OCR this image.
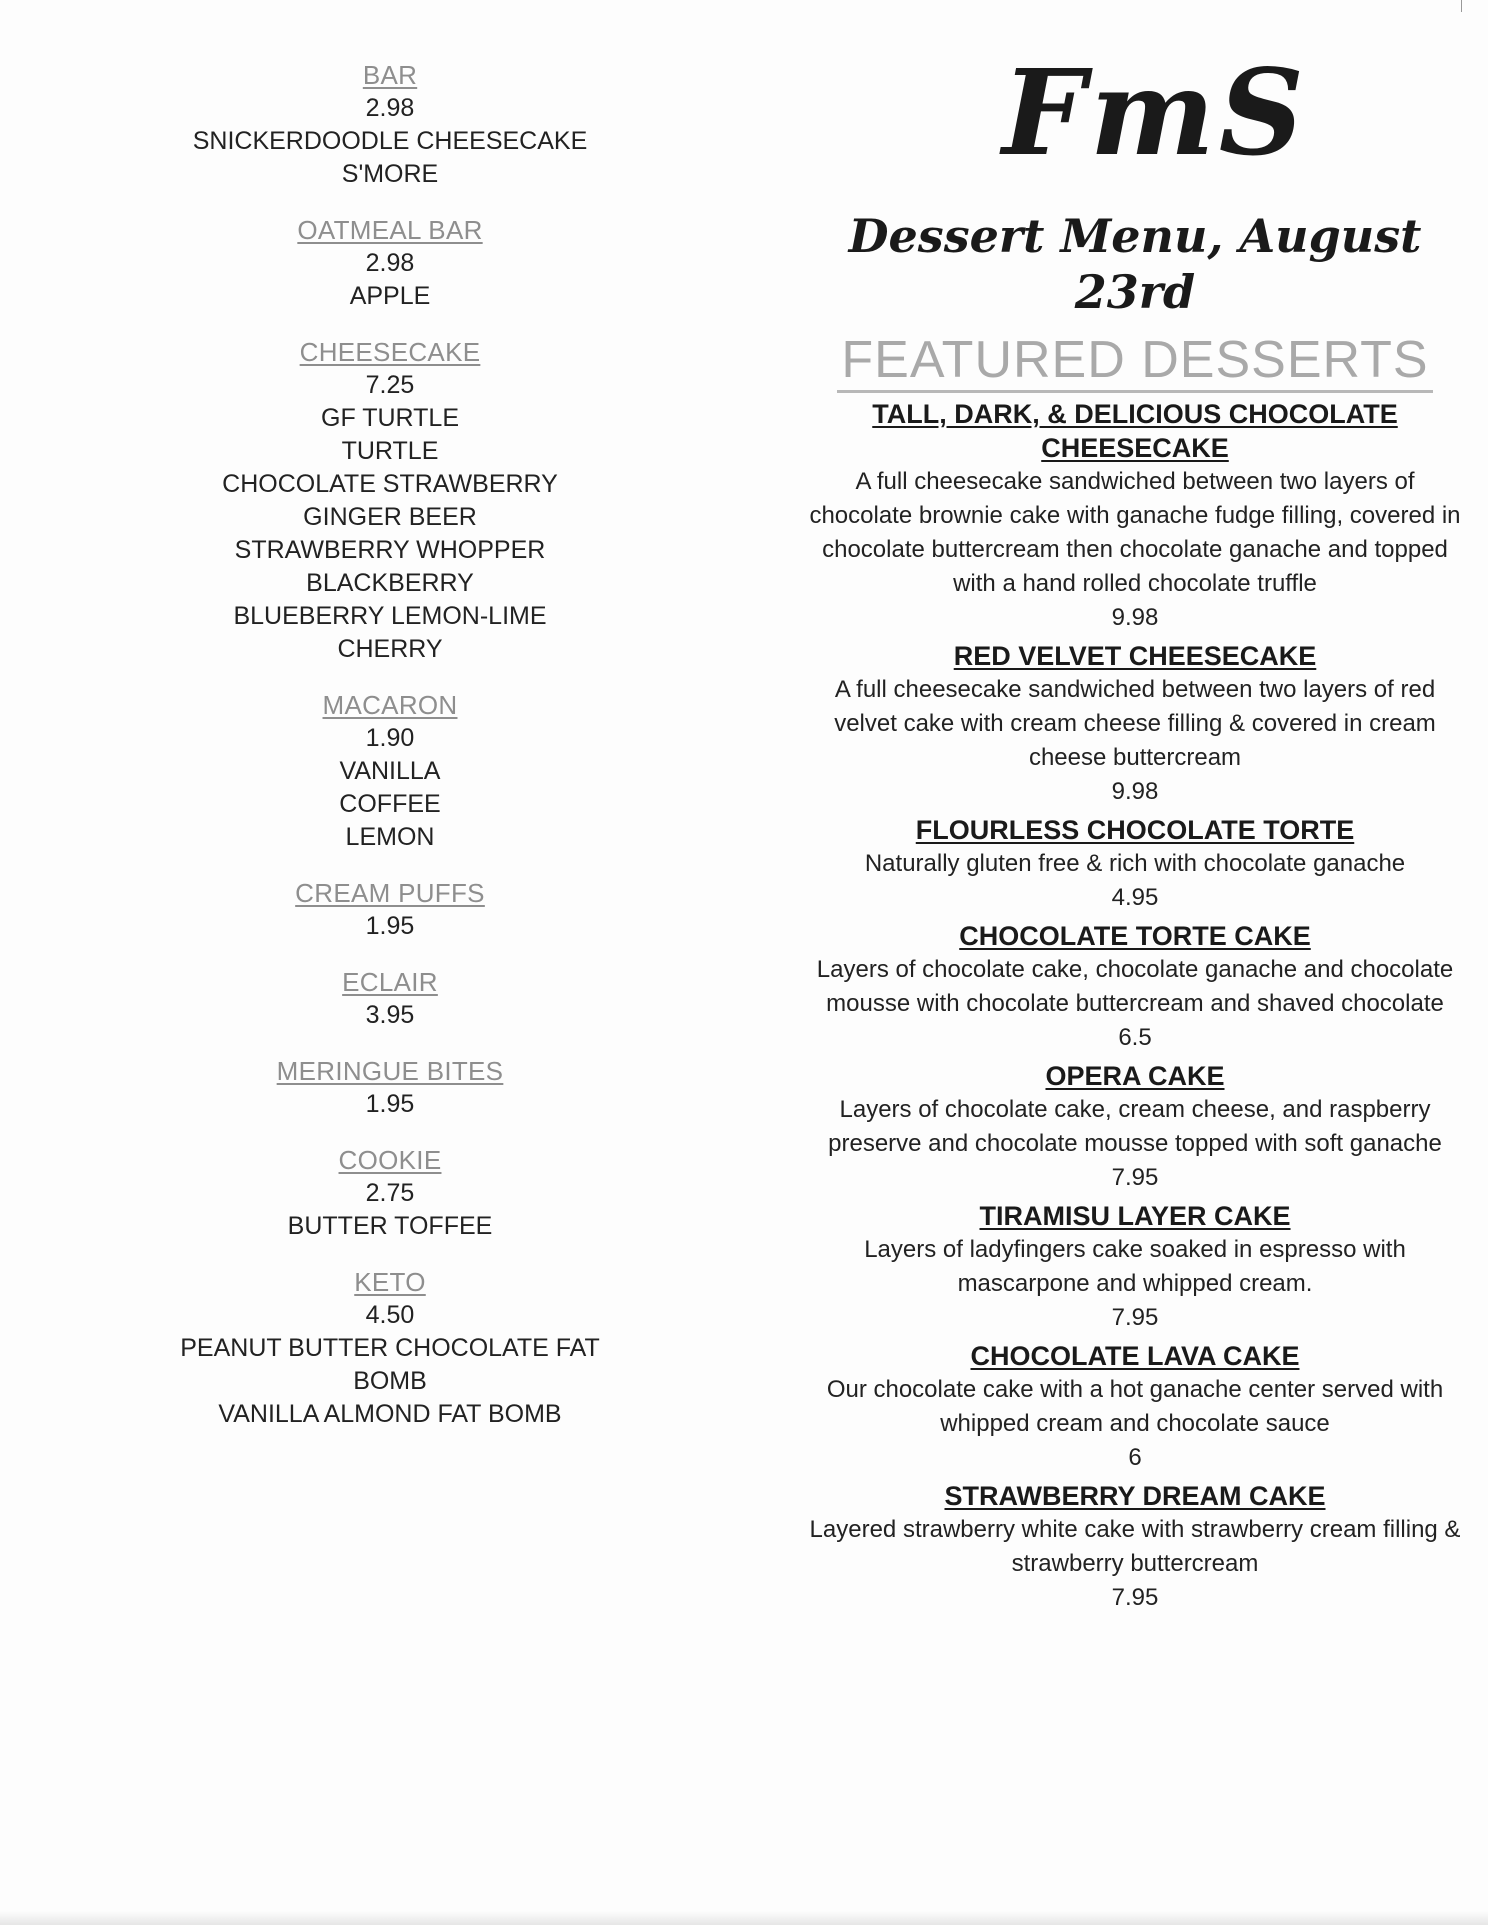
BAR
2.98
SNICKERDOODLE CHEESECAKE
S'MORE
OATMEAL BAR
2.98
APPLE
CHEESECAKE
7.25
GF TURTLE
TURTLE
CHOCOLATE STRAWBERRY
GINGER BEER
STRAWBERRY WHOPPER
BLACKBERRY
BLUEBERRY LEMON-LIME
CHERRY
MACARON
1.90
VANILLA
COFFEE
LEMON
CREAM PUFFS
1.95
ECLAIR
3.95
MERINGUE BITES
1.95
COOKIE
2.75
BUTTER TOFFEE
KETO
4.50
PEANUT BUTTER CHOCOLATE FAT BOMB
VANILLA ALMOND FAT BOMB
FmS
Dessert Menu, August 23rd
FEATURED DESSERTS
TALL, DARK, & DELICIOUS CHOCOLATE CHEESECAKE
A full cheesecake sandwiched between two layers of chocolate brownie cake with ganache fudge filling, covered in chocolate buttercream then chocolate ganache and topped with a hand rolled chocolate truffle
9.98
RED VELVET CHEESECAKE
A full cheesecake sandwiched between two layers of red velvet cake with cream cheese filling & covered in cream cheese buttercream
9.98
FLOURLESS CHOCOLATE TORTE
Naturally gluten free & rich with chocolate ganache
4.95
CHOCOLATE TORTE CAKE
Layers of chocolate cake, chocolate ganache and chocolate mousse with chocolate buttercream and shaved chocolate
6.5
OPERA CAKE
Layers of chocolate cake, cream cheese, and raspberry preserve and chocolate mousse topped with soft ganache
7.95
TIRAMISU LAYER CAKE
Layers of ladyfingers cake soaked in espresso with mascarpone and whipped cream.
7.95
CHOCOLATE LAVA CAKE
Our chocolate cake with a hot ganache center served with whipped cream and chocolate sauce
6
STRAWBERRY DREAM CAKE
Layered strawberry white cake with strawberry cream filling & strawberry buttercream
7.95
